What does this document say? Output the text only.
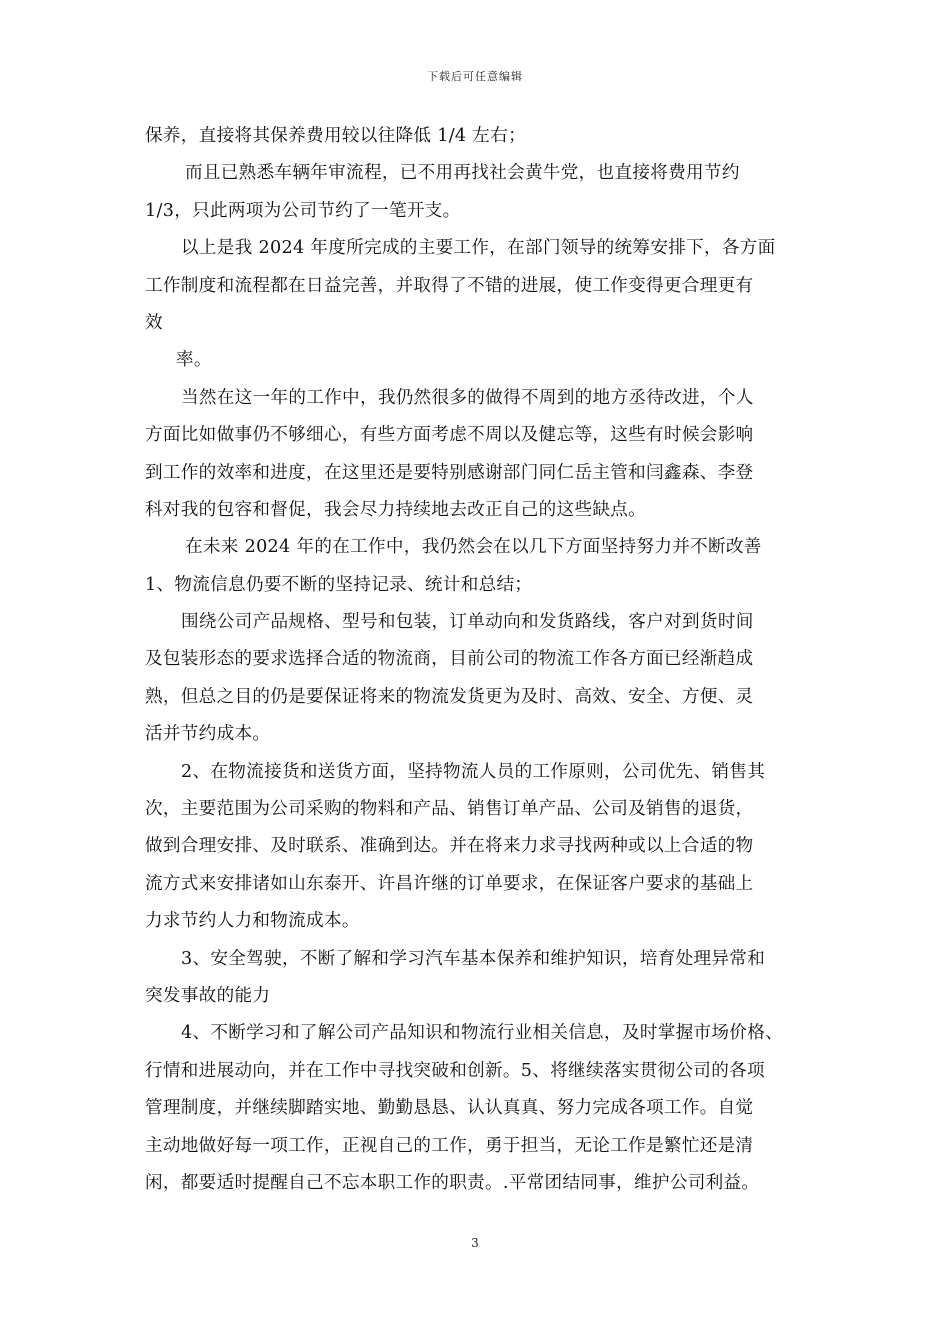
下载后可任意编辑
保养，直接将其保养费用较以往降低 1/4 左右；
而且已熟悉车辆年审流程，已不用再找社会黄牛党，也直接将费用节约
1/3，只此两项为公司节约了一笔开支。
以上是我 2024 年度所完成的主要工作，在部门领导的统筹安排下，各方面
工作制度和流程都在日益完善，并取得了不错的进展，使工作变得更合理更有
效
率。
当然在这一年的工作中，我仍然很多的做得不周到的地方丞待改进，个人
方面比如做事仍不够细心，有些方面考虑不周以及健忘等，这些有时候会影响
到工作的效率和进度，在这里还是要特别感谢部门同仁岳主管和闫鑫森、李登
科对我的包容和督促，我会尽力持续地去改正自己的这些缺点。
在未来 2024 年的在工作中，我仍然会在以几下方面坚持努力并不断改善
1、物流信息仍要不断的坚持记录、统计和总结；
围绕公司产品规格、型号和包装，订单动向和发货路线，客户对到货时间
及包装形态的要求选择合适的物流商，目前公司的物流工作各方面已经渐趋成
熟，但总之目的仍是要保证将来的物流发货更为及时、高效、安全、方便、灵
活并节约成本。
2、在物流接货和送货方面，坚持物流人员的工作原则，公司优先、销售其
次，主要范围为公司采购的物料和产品、销售订单产品、公司及销售的退货，
做到合理安排、及时联系、准确到达。并在将来力求寻找两种或以上合适的物
流方式来安排诸如山东泰开、许昌许继的订单要求，在保证客户要求的基础上
力求节约人力和物流成本。
3、安全驾驶，不断了解和学习汽车基本保养和维护知识，培育处理异常和
突发事故的能力
4、不断学习和了解公司产品知识和物流行业相关信息，及时掌握市场价格、
行情和进展动向，并在工作中寻找突破和创新。5、将继续落实贯彻公司的各项
管理制度，并继续脚踏实地、勤勤恳恳、认认真真、努力完成各项工作。自觉
主动地做好每一项工作，正视自己的工作，勇于担当，无论工作是繁忙还是清
闲，都要适时提醒自己不忘本职工作的职责。.平常团结同事，维护公司利益。
3
